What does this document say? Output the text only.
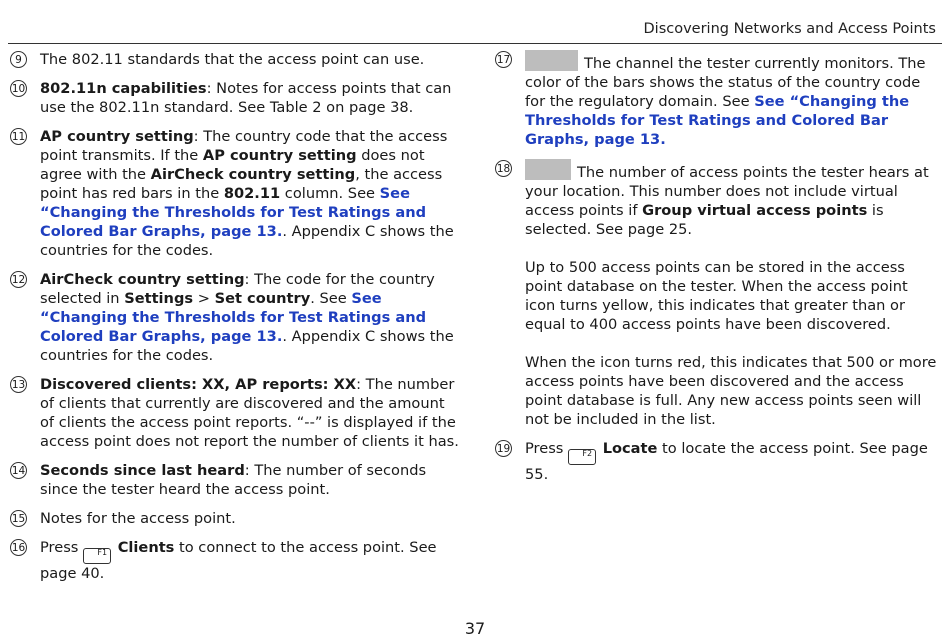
Discovering Networks and Access Points
9	The 802.11 standards that the access point can use.
10 802.11n capabilities: Notes for access points that can use the 802.11n standard. See Table 2 on page 38.
11 AP country setting: The country code that the access point transmits. If the AP country setting does not agree with the AirCheck country setting, the access point has red bars in the 802.11 column. See See “Changing the Thresholds for Test Ratings and Colored Bar Graphs, page 13.. Appendix C shows the countries for the codes.
12 AirCheck country setting: The code for the country selected in Settings > Set country. See See “Changing the Thresholds for Test Ratings and Colored Bar Graphs, page 13.. Appendix C shows the countries for the codes.
13 Discovered clients: XX, AP reports: XX: The number of clients that currently are discovered and the amount of clients the access point reports. “--” is displayed if the access point does not report the number of clients it has.
14 Seconds since last heard: The number of seconds since the tester heard the access point.
15 Notes for the access point.
16 Press F1 Clients to connect to the access point. See page 40.
17	The channel the tester currently monitors. The color of the bars shows the status of the country code for the regulatory domain. See See “Changing the Thresholds for Test Ratings and Colored Bar Graphs, page 13.
18	The number of access points the tester hears at your location. This number does not include virtual access points if Group virtual access points is selected. See page 25.

Up to 500 access points can be stored in the access point database on the tester. When the access point icon turns yellow, this indicates that greater than or equal to 400 access points have been discovered.

When the icon turns red, this indicates that 500 or more access points have been discovered and the access point database is full. Any new access points seen will not be included in the list.

19 Press F2 Locate to locate the access point. See page 55.
37
